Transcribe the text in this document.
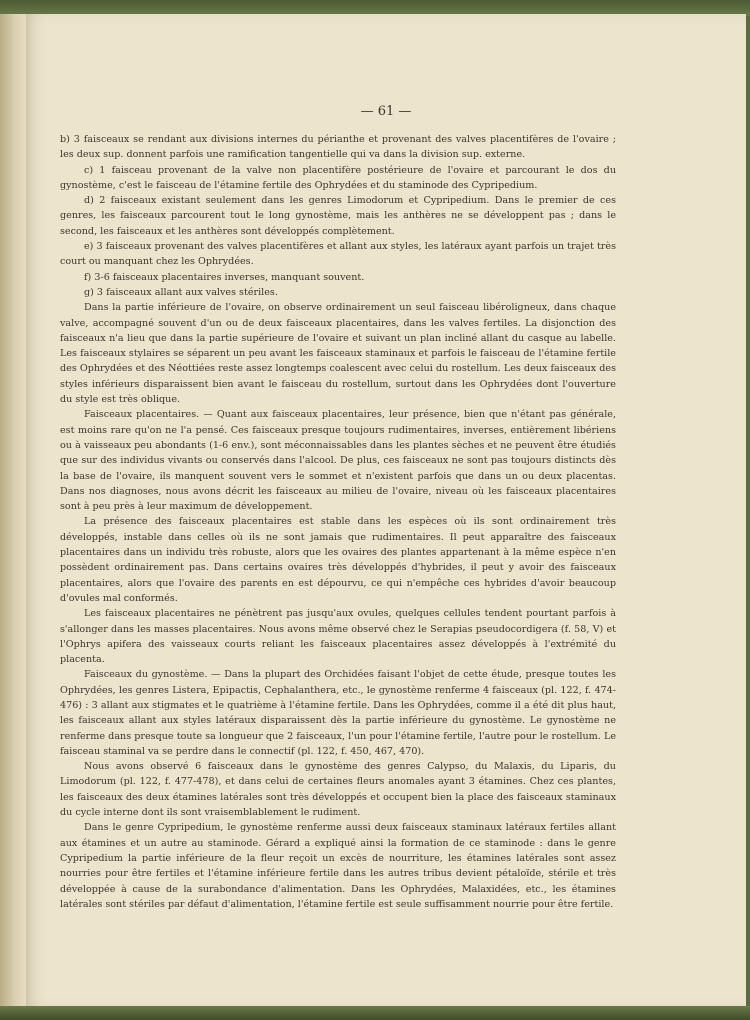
— 61 —

b) 3 faisceaux se rendant aux divisions internes du périanthe et provenant des valves placentifères de l'ovaire ; les deux sup. donnent parfois une ramification tangentielle qui va dans la division sup. externe.

c) 1 faisceau provenant de la valve non placentifère postérieure de l'ovaire et parcourant le dos du gynostème, c'est le faisceau de l'étamine fertile des Ophrydées et du staminode des Cypripedium.

d) 2 faisceaux existant seulement dans les genres Limodorum et Cypripedium. Dans le premier de ces genres, les faisceaux parcourent tout le long gynostème, mais les anthères ne se développent pas ; dans le second, les faisceaux et les anthères sont développés complètement.

e) 3 faisceaux provenant des valves placentifères et allant aux styles, les latéraux ayant parfois un trajet très court ou manquant chez les Ophrydées.

f) 3-6 faisceaux placentaires inverses, manquant souvent.

g) 3 faisceaux allant aux valves stériles.

Dans la partie inférieure de l'ovaire, on observe ordinairement un seul faisceau libéroligneux, dans chaque valve, accompagné souvent d'un ou de deux faisceaux placentaires, dans les valves fertiles. La disjonction des faisceaux n'a lieu que dans la partie supérieure de l'ovaire et suivant un plan incliné allant du casque au labelle. Les faisceaux stylaires se séparent un peu avant les faisceaux staminaux et parfois le faisceau de l'étamine fertile des Ophrydées et des Néottiées reste assez longtemps coalescent avec celui du rostellum. Les deux faisceaux des styles inférieurs disparaissent bien avant le faisceau du rostellum, surtout dans les Ophrydées dont l'ouverture du style est très oblique.

Faisceaux placentaires. — Quant aux faisceaux placentaires, leur présence, bien que n'étant pas générale, est moins rare qu'on ne l'a pensé. Ces faisceaux presque toujours rudimentaires, inverses, entièrement libériens ou à vaisseaux peu abondants (1-6 env.), sont méconnaissables dans les plantes sèches et ne peuvent être étudiés que sur des individus vivants ou conservés dans l'alcool. De plus, ces faisceaux ne sont pas toujours distincts dès la base de l'ovaire, ils manquent souvent vers le sommet et n'existent parfois que dans un ou deux placentas. Dans nos diagnoses, nous avons décrit les faisceaux au milieu de l'ovaire, niveau où les faisceaux placentaires sont à peu près à leur maximum de développement.

La présence des faisceaux placentaires est stable dans les espèces où ils sont ordinairement très développés, instable dans celles où ils ne sont jamais que rudimentaires. Il peut apparaître des faisceaux placentaires dans un individu très robuste, alors que les ovaires des plantes appartenant à la même espèce n'en possèdent ordinairement pas. Dans certains ovaires très développés d'hybrides, il peut y avoir des faisceaux placentaires, alors que l'ovaire des parents en est dépourvu, ce qui n'empêche ces hybrides d'avoir beaucoup d'ovules mal conformés.

Les faisceaux placentaires ne pénètrent pas jusqu'aux ovules, quelques cellules tendent pourtant parfois à s'allonger dans les masses placentaires. Nous avons même observé chez le Serapias pseudocordigera (f. 58, V) et l'Ophrys apifera des vaisseaux courts reliant les faisceaux placentaires assez développés à l'extrémité du placenta.

Faisceaux du gynostème. — Dans la plupart des Orchidées faisant l'objet de cette étude, presque toutes les Ophrydées, les genres Listera, Epipactis, Cephalanthera, etc., le gynostème renferme 4 faisceaux (pl. 122, f. 474-476) : 3 allant aux stigmates et le quatrième à l'étamine fertile. Dans les Ophrydées, comme il a été dit plus haut, les faisceaux allant aux styles latéraux disparaissent dès la partie inférieure du gynostème. Le gynostème ne renferme dans presque toute sa longueur que 2 faisceaux, l'un pour l'étamine fertile, l'autre pour le rostellum. Le faisceau staminal va se perdre dans le connectif (pl. 122, f. 450, 467, 470).

Nous avons observé 6 faisceaux dans le gynostème des genres Calypso, du Malaxis, du Liparis, du Limodorum (pl. 122, f. 477-478), et dans celui de certaines fleurs anomales ayant 3 étamines. Chez ces plantes, les faisceaux des deux étamines latérales sont très développés et occupent bien la place des faisceaux staminaux du cycle interne dont ils sont vraisemblablement le rudiment.

Dans le genre Cypripedium, le gynostème renferme aussi deux faisceaux staminaux latéraux fertiles allant aux étamines et un autre au staminode. Gérard a expliqué ainsi la formation de ce staminode : dans le genre Cypripedium la partie inférieure de la fleur reçoit un excès de nourriture, les étamines latérales sont assez nourries pour être fertiles et l'étamine inférieure fertile dans les autres tribus devient pétaloïde, stérile et très développée à cause de la surabondance d'alimentation. Dans les Ophrydées, Malaxidées, etc., les étamines latérales sont stériles par défaut d'alimentation, l'étamine fertile est seule suffisamment nourrie pour être fertile.
